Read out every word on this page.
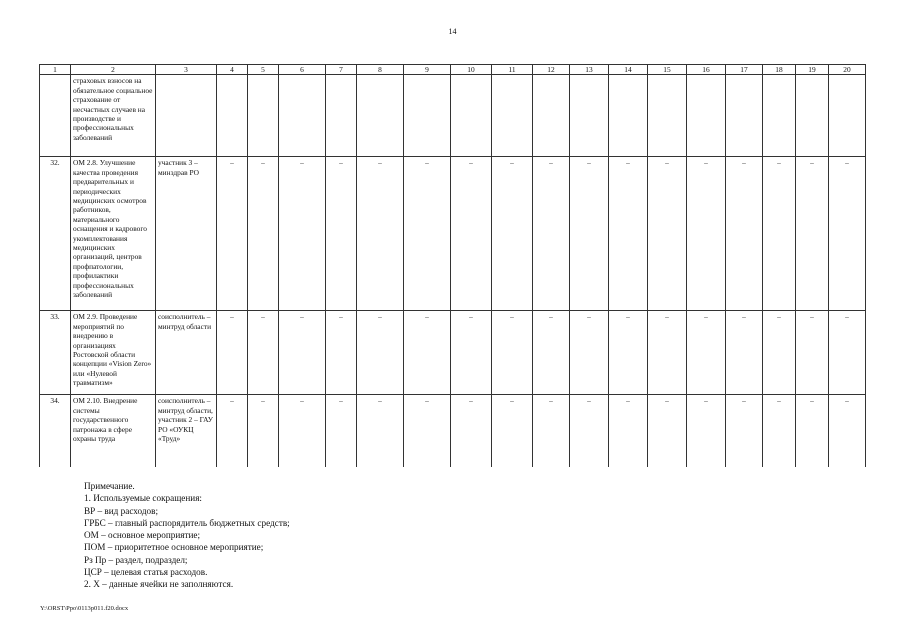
14
1	2	3	4	5	6	7	8	9	10	11	12	13	14	15	16	17	18	19	20
	страховых взносов на обязательное социальное страхование от несчастных случаев на производстве и профессиональных заболеваний																		
32.	ОМ 2.8. Улучшение качества проведения предварительных и периодических медицинских осмотров работников, материального оснащения и кадрового укомплектования медицинских организаций, центров профпатологии, профилактики профессиональных заболеваний	участник 3 – минздрав РО	–	–	–	–	–	–	–	–	–	–	–	–	–	–	–	–	–
33.	ОМ 2.9. Проведение мероприятий по внедрению в организациях Ростовской области концепции «Vision Zero» или «Нулевой травматизм»	соисполнитель – минтруд области	–	–	–	–	–	–	–	–	–	–	–	–	–	–	–	–	–
34.	ОМ 2.10. Внедрение системы государственного патронажа в сфере охраны труда	соисполнитель – минтруд области, участник 2 – ГАУ РО «ОУКЦ «Труд»	–	–	–	–	–	–	–	–	–	–	–	–	–	–	–	–	–
Примечание.
1. Используемые сокращения:
ВР – вид расходов;
ГРБС – главный распорядитель бюджетных средств;
ОМ – основное мероприятие;
ПОМ – приоритетное основное мероприятие;
Рз Пр – раздел, подраздел;
ЦСР – целевая статья расходов.
2. Х – данные ячейки не заполняются.
Y:\ORST\Ppo\0113p011.f20.docx
